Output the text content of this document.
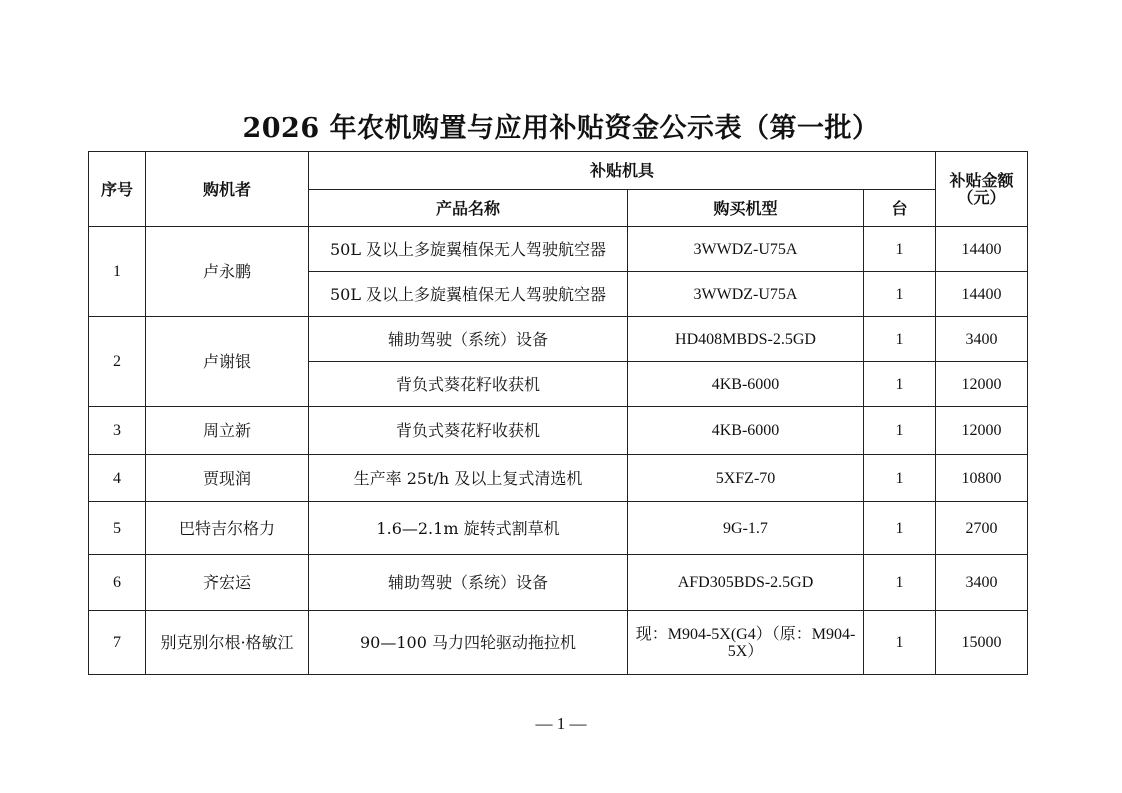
2026 年农机购置与应用补贴资金公示表（第一批）
序号	购机者	补贴机具			补贴金额（元）
		产品名称	购买机型	台	
1	卢永鹏	50L 及以上多旋翼植保无人驾驶航空器	3WWDZ-U75A	1	14400
		50L 及以上多旋翼植保无人驾驶航空器	3WWDZ-U75A	1	14400
2	卢谢银	辅助驾驶（系统）设备	HD408MBDS-2.5GD	1	3400
		背负式葵花籽收获机	4KB-6000	1	12000
3	周立新	背负式葵花籽收获机	4KB-6000	1	12000
4	贾现润	生产率 25t/h 及以上复式清选机	5XFZ-70	1	10800
5	巴特吉尔格力	1.6—2.1m 旋转式割草机	9G-1.7	1	2700
6	齐宏运	辅助驾驶（系统）设备	AFD305BDS-2.5GD	1	3400
7	别克别尔根·格敏江	90—100 马力四轮驱动拖拉机	现：M904-5X(G4）（原：M904-5X）	1	15000
— 1 —
